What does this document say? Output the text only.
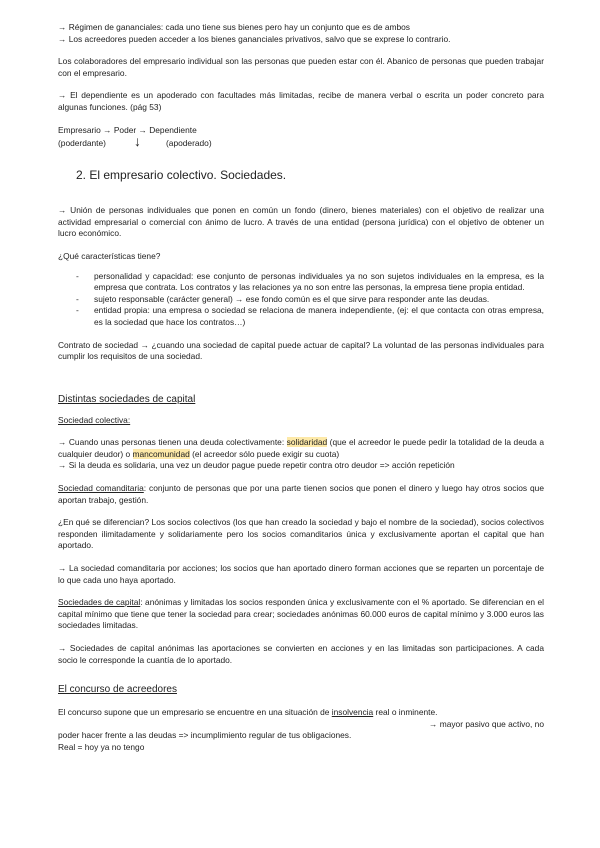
→ Régimen de gananciales: cada uno tiene sus bienes pero hay un conjunto que es de ambos

→ Los acreedores pueden acceder a los bienes gananciales privativos, salvo que se exprese lo contrario.

Los colaboradores del empresario individual son las personas que pueden estar con él. Abanico de personas que pueden trabajar con el empresario.

→ El dependiente es un apoderado con facultades más limitadas, recibe de manera verbal o escrita un poder concreto para algunas funciones. (pág 53)

Empresario → Poder → Dependiente

(poderdante) ↓	(apoderado)
2. El empresario colectivo. Sociedades.

→ Unión de personas individuales que ponen en común un fondo (dinero, bienes materiales) con el objetivo de realizar una actividad empresarial o comercial con ánimo de lucro. A través de una entidad (persona jurídica) con el objetivo de obtener un lucro económico.

¿Qué características tiene?

- personalidad y capacidad: ese conjunto de personas individuales ya no son sujetos individuales en la empresa, es la empresa que contrata. Los contratos y las relaciones ya no son entre las personas, la empresa tiene propia entidad.
- sujeto responsable (carácter general) → ese fondo común es el que sirve para responder ante las deudas.
- entidad propia: una empresa o sociedad se relaciona de manera independiente, (ej: el que contacta con otras empresa, es la sociedad que hace los contratos…)

Contrato de sociedad → ¿cuando una sociedad de capital puede actuar de capital? La voluntad de las personas individuales para cumplir los requisitos de una sociedad.

Distintas sociedades de capital

Sociedad colectiva:

→ Cuando unas personas tienen una deuda colectivamente: solidaridad (que el acreedor le puede pedir la totalidad de la deuda a cualquier deudor) o mancomunidad (el acreedor sólo puede exigir su cuota)

→ Si la deuda es solidaria, una vez un deudor pague puede repetir contra otro deudor => acción repetición

Sociedad comanditaria: conjunto de personas que por una parte tienen socios que ponen el dinero y luego hay otros socios que aportan trabajo, gestión.

¿En qué se diferencian? Los socios colectivos (los que han creado la sociedad y bajo el nombre de la sociedad), socios colectivos responden ilimitadamente y solidariamente pero los socios comanditarios única y exclusivamente aportan el capital que han aportado.

→ La sociedad comanditaria por acciones; los socios que han aportado dinero forman acciones que se reparten un porcentaje de lo que cada uno haya aportado.

Sociedades de capital: anónimas y limitadas los socios responden única y exclusivamente con el % aportado. Se diferencian en el capital mínimo que tiene que tener la sociedad para crear; sociedades anónimas 60.000 euros de capital mínimo y 3.000 euros las sociedades limitadas.

→ Sociedades de capital anónimas las aportaciones se convierten en acciones y en las limitadas son participaciones. A cada socio le corresponde la cuantía de lo aportado.

El concurso de acreedores

El concurso supone que un empresario se encuentre en una situación de insolvencia real o inminente.

→ mayor pasivo que activo, no

poder hacer frente a las deudas => incumplimiento regular de tus obligaciones.

Real = hoy ya no tengo
